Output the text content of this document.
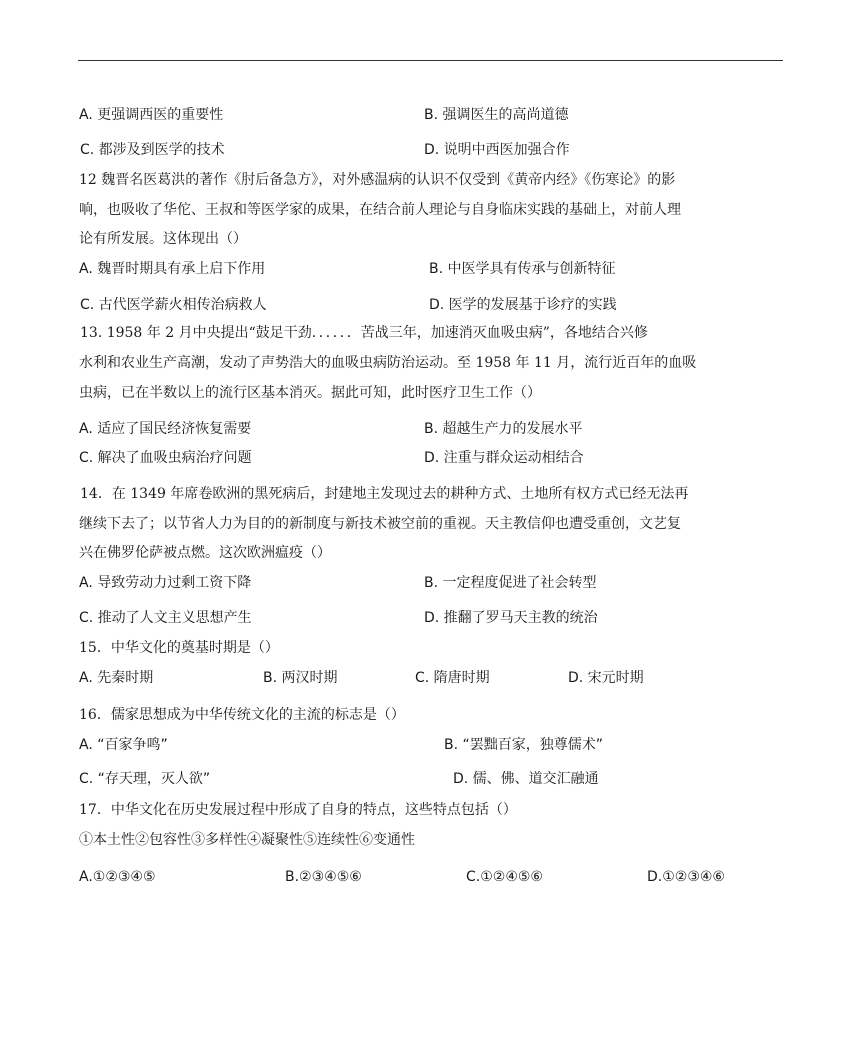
A. 更强调西医的重要性	B. 强调医生的高尚道德
C. 都涉及到医学的技术	D. 说明中西医加强合作
12 魏晋名医葛洪的著作《肘后备急方》，对外感温病的认识不仅受到《黄帝内经》《伤寒论》的影
响，也吸收了华佗、王叔和等医学家的成果，在结合前人理论与自身临床实践的基础上，对前人理
论有所发展。这体现出（）
A. 魏晋时期具有承上启下作用	B. 中医学具有传承与创新特征
C. 古代医学薪火相传治病救人	D. 医学的发展基于诊疗的实践
13. 1958 年 2 月中央提出“鼓足干劲．．．．．．苦战三年，加速消灭血吸虫病”，各地结合兴修
水利和农业生产高潮，发动了声势浩大的血吸虫病防治运动。至 1958 年 11 月，流行近百年的血吸
虫病，已在半数以上的流行区基本消灭。据此可知，此时医疗卫生工作（）
A. 适应了国民经济恢复需要	B. 超越生产力的发展水平
C. 解决了血吸虫病治疗问题	D. 注重与群众运动相结合
14．在 1349 年席卷欧洲的黑死病后，封建地主发现过去的耕种方式、土地所有权方式已经无法再
继续下去了；以节省人力为目的的新制度与新技术被空前的重视。天主教信仰也遭受重创，文艺复
兴在佛罗伦萨被点燃。这次欧洲瘟疫（）
A. 导致劳动力过剩工资下降	B. 一定程度促进了社会转型
C. 推动了人文主义思想产生	D. 推翻了罗马天主教的统治
15．中华文化的奠基时期是（）
A. 先秦时期	B. 两汉时期	C. 隋唐时期	D. 宋元时期
16．儒家思想成为中华传统文化的主流的标志是（）
A. “百家争鸣”	B. “罢黜百家，独尊儒术”
C. “存天理，灭人欲”	D. 儒、佛、道交汇融通
17．中华文化在历史发展过程中形成了自身的特点，这些特点包括（）
①本土性②包容性③多样性④凝聚性⑤连续性⑥变通性
A.①②③④⑤	B.②③④⑤⑥	C.①②④⑤⑥	D.①②③④⑥
